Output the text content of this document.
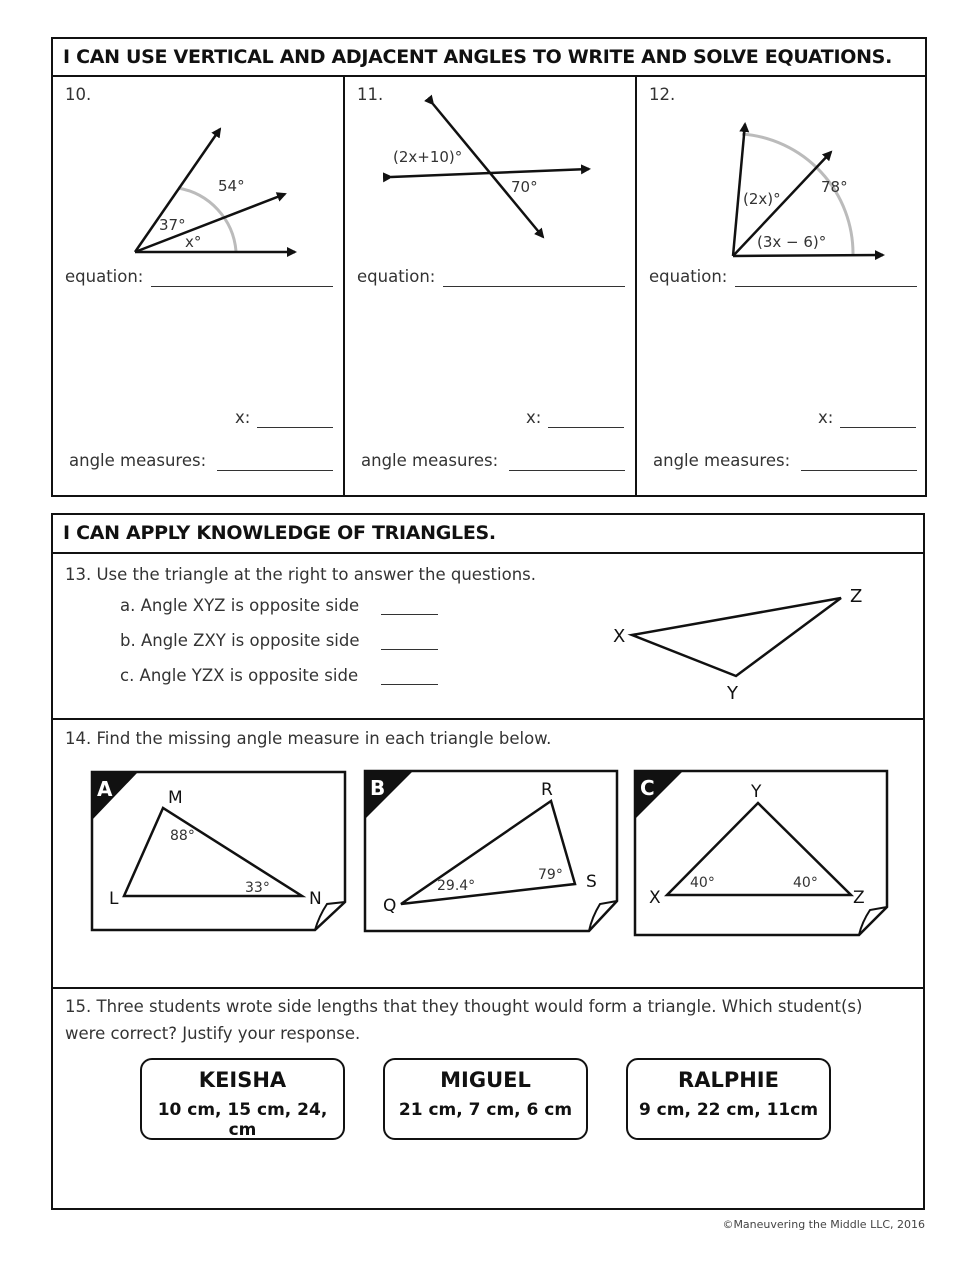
I CAN USE VERTICAL AND ADJACENT ANGLES TO WRITE AND SOLVE EQUATIONS.
10.
54°
37°
x°
equation:
x:
angle measures:
11.
(2x+10)°
70°
equation:
x:
angle measures:
12.
(2x)°
78°
(3x − 6)°
equation:
x:
angle measures:
I CAN APPLY KNOWLEDGE OF TRIANGLES.
13. Use the triangle at the right to answer the questions.
a. Angle XYZ is opposite side
b. Angle ZXY is opposite side
c. Angle YZX is opposite side
X
Y
Z
14. Find the missing angle measure in each triangle below.
A	M
L	N
88°
33°
B	R
Q
S
29.4°
79°
C	Y
X	Z
40°	40°
15. Three students wrote side lengths that they thought would form a triangle. Which student(s)
were correct? Justify your response.
KEISHA
10 cm, 15 cm, 24, cm
MIGUEL
21 cm, 7 cm, 6 cm
RALPHIE
9 cm, 22 cm, 11cm
©Maneuvering the Middle LLC, 2016
